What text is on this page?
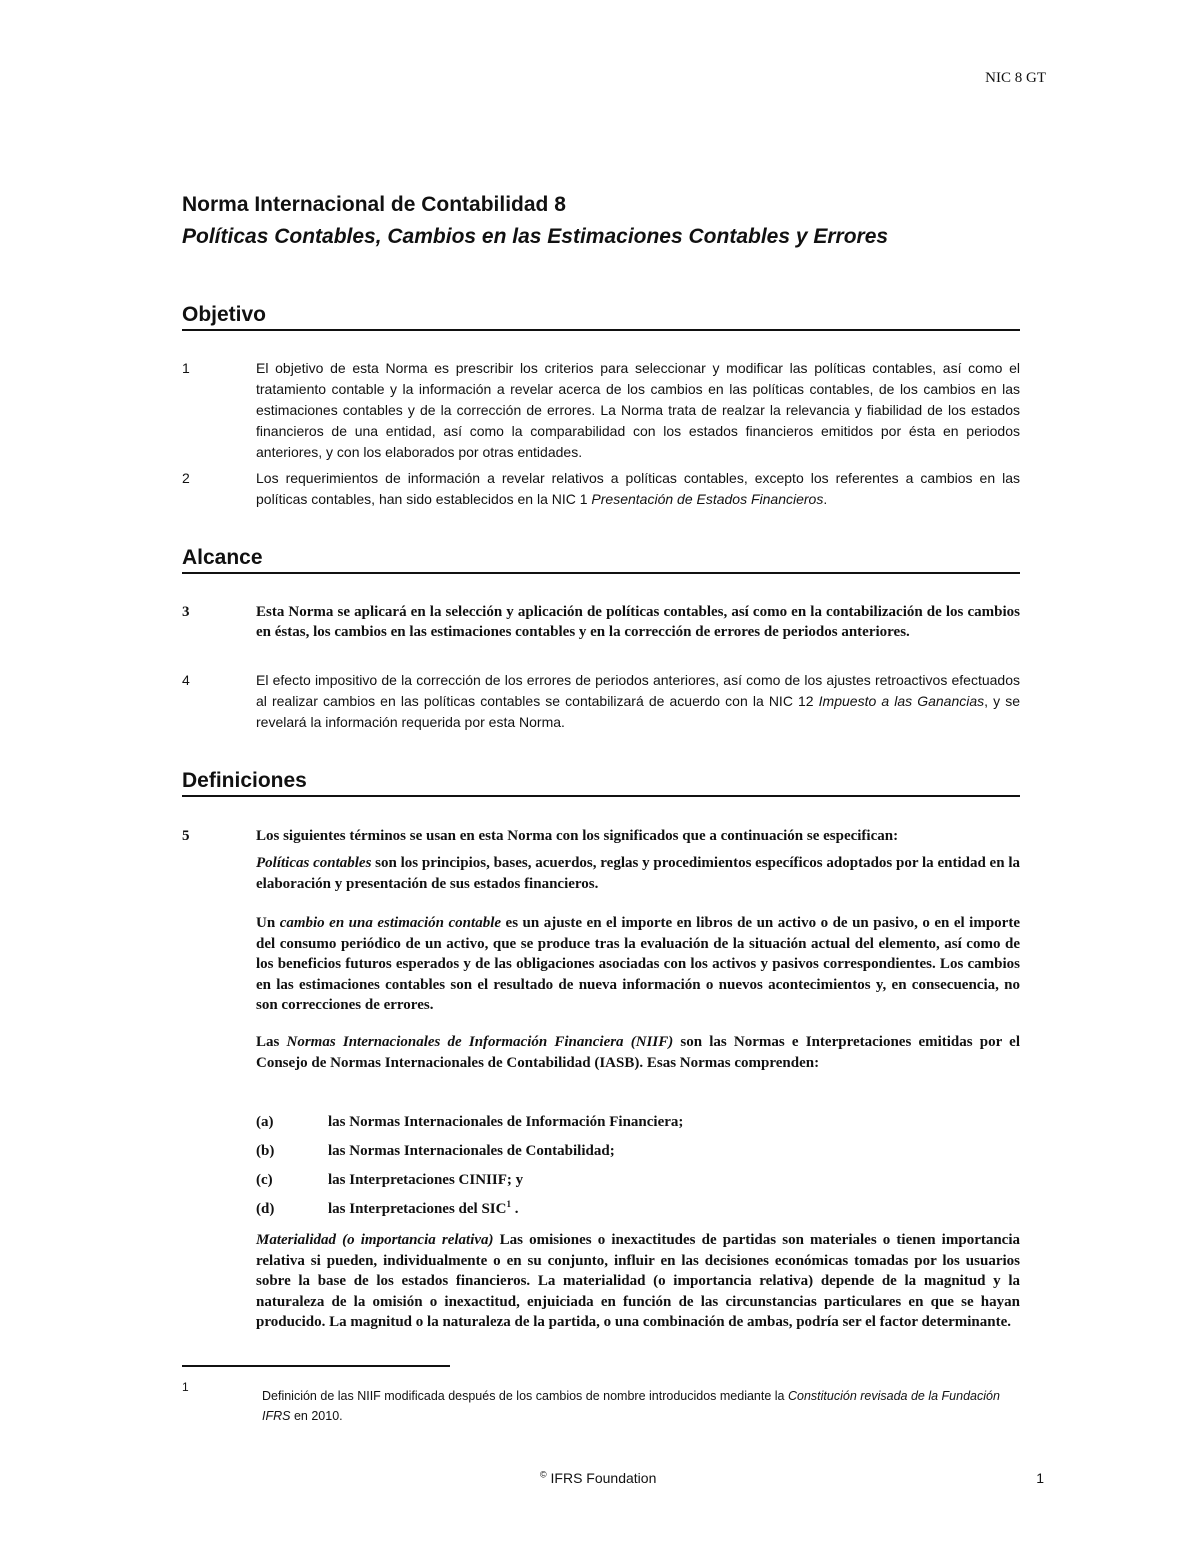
NIC 8 GT
Norma Internacional de Contabilidad 8
Políticas Contables, Cambios en las Estimaciones Contables y Errores
Objetivo
1	El objetivo de esta Norma es prescribir los criterios para seleccionar y modificar las políticas contables, así como el tratamiento contable y la información a revelar acerca de los cambios en las políticas contables, de los cambios en las estimaciones contables y de la corrección de errores. La Norma trata de realzar la relevancia y fiabilidad de los estados financieros de una entidad, así como la comparabilidad con los estados financieros emitidos por ésta en periodos anteriores, y con los elaborados por otras entidades.
2	Los requerimientos de información a revelar relativos a políticas contables, excepto los referentes a cambios en las políticas contables, han sido establecidos en la NIC 1 Presentación de Estados Financieros.
Alcance
3	Esta Norma se aplicará en la selección y aplicación de políticas contables, así como en la contabilización de los cambios en éstas, los cambios en las estimaciones contables y en la corrección de errores de periodos anteriores.
4	El efecto impositivo de la corrección de los errores de periodos anteriores, así como de los ajustes retroactivos efectuados al realizar cambios en las políticas contables se contabilizará de acuerdo con la NIC 12 Impuesto a las Ganancias, y se revelará la información requerida por esta Norma.
Definiciones
5	Los siguientes términos se usan en esta Norma con los significados que a continuación se especifican:
Políticas contables son los principios, bases, acuerdos, reglas y procedimientos específicos adoptados por la entidad en la elaboración y presentación de sus estados financieros.
Un cambio en una estimación contable es un ajuste en el importe en libros de un activo o de un pasivo, o en el importe del consumo periódico de un activo, que se produce tras la evaluación de la situación actual del elemento, así como de los beneficios futuros esperados y de las obligaciones asociadas con los activos y pasivos correspondientes. Los cambios en las estimaciones contables son el resultado de nueva información o nuevos acontecimientos y, en consecuencia, no son correcciones de errores.
Las Normas Internacionales de Información Financiera (NIIF) son las Normas e Interpretaciones emitidas por el Consejo de Normas Internacionales de Contabilidad (IASB). Esas Normas comprenden:
(a)	las Normas Internacionales de Información Financiera;
(b)	las Normas Internacionales de Contabilidad;
(c)	las Interpretaciones CINIIF; y
(d)	las Interpretaciones del SIC$^1$ .
Materialidad (o importancia relativa) Las omisiones o inexactitudes de partidas son materiales o tienen importancia relativa si pueden, individualmente o en su conjunto, influir en las decisiones económicas tomadas por los usuarios sobre la base de los estados financieros. La materialidad (o importancia relativa) depende de la magnitud y la naturaleza de la omisión o inexactitud, enjuiciada en función de las circunstancias particulares en que se hayan producido. La magnitud o la naturaleza de la partida, o una combinación de ambas, podría ser el factor determinante.
1
Definición de las NIIF modificada después de los cambios de nombre introducidos mediante la Constitución revisada de la Fundación IFRS en 2010.
© IFRS Foundation	1
